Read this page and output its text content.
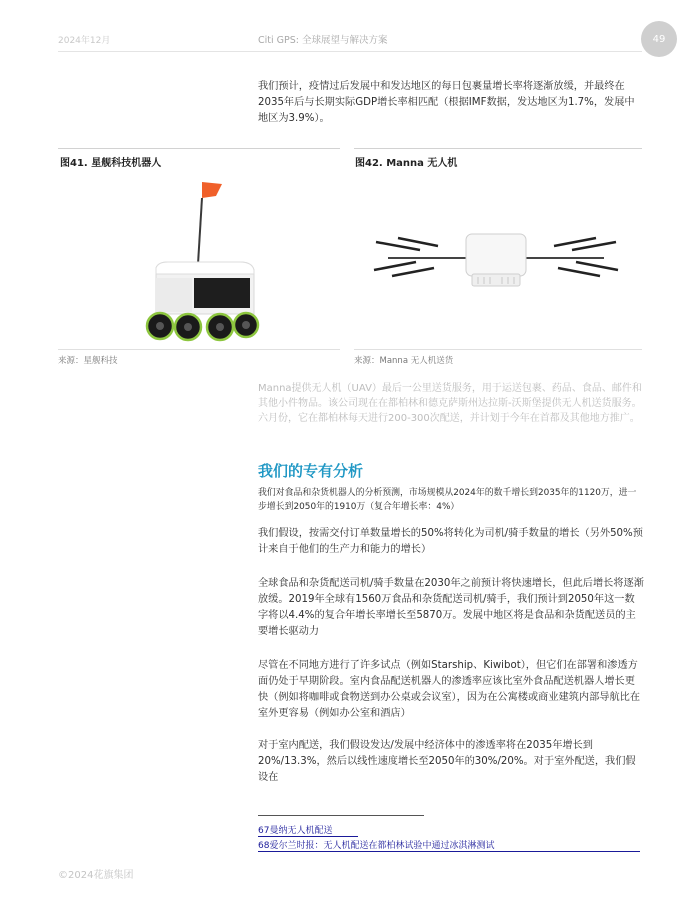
2024年12月	Citi GPS: 全球展望与解决方案	49
我们预计，疫情过后发展中和发达地区的每日包裹量增长率将逐渐放缓，并最终在2035年后与长期实际GDP增长率相匹配（根据IMF数据，发达地区为1.7%，发展中地区为3.9%）。
图41. 星舰科技机器人
来源：星舰科技
图42. Manna 无人机
来源：Manna 无人机送货
Manna提供无人机（UAV）最后一公里送货服务，用于运送包裹、药品、食品、邮件和其他小件物品。该公司现在在都柏林和德克萨斯州达拉斯-沃斯堡提供无人机送货服务。六月份，它在都柏林每天进行200-300次配送，并计划于今年在首都及其他地方推广。
我们的专有分析
我们对食品和杂货机器人的分析预测，市场规模从2024年的数千增长到2035年的1120万，进一步增长到2050年的1910万（复合年增长率：4%）
我们假设，按需交付订单数量增长的50%将转化为司机/骑手数量的增长（另外50%预计来自于他们的生产力和能力的增长）
全球食品和杂货配送司机/骑手数量在2030年之前预计将快速增长，但此后增长将逐渐放缓。2019年全球有1560万食品和杂货配送司机/骑手，我们预计到2050年这一数字将以4.4%的复合年增长率增长至5870万。发展中地区将是食品和杂货配送员的主要增长驱动力
尽管在不同地方进行了许多试点（例如Starship、Kiwibot），但它们在部署和渗透方面仍处于早期阶段。室内食品配送机器人的渗透率应该比室外食品配送机器人增长更快（例如将咖啡或食物送到办公桌或会议室），因为在公寓楼或商业建筑内部导航比在室外更容易（例如办公室和酒店）
对于室内配送，我们假设发达/发展中经济体中的渗透率将在2035年增长到20%/13.3%，然后以线性速度增长至2050年的30%/20%。对于室外配送，我们假设在
67曼纳无人机配送
68爱尔兰时报：无人机配送在都柏林试验中通过冰淇淋测试
©2024花旗集团
